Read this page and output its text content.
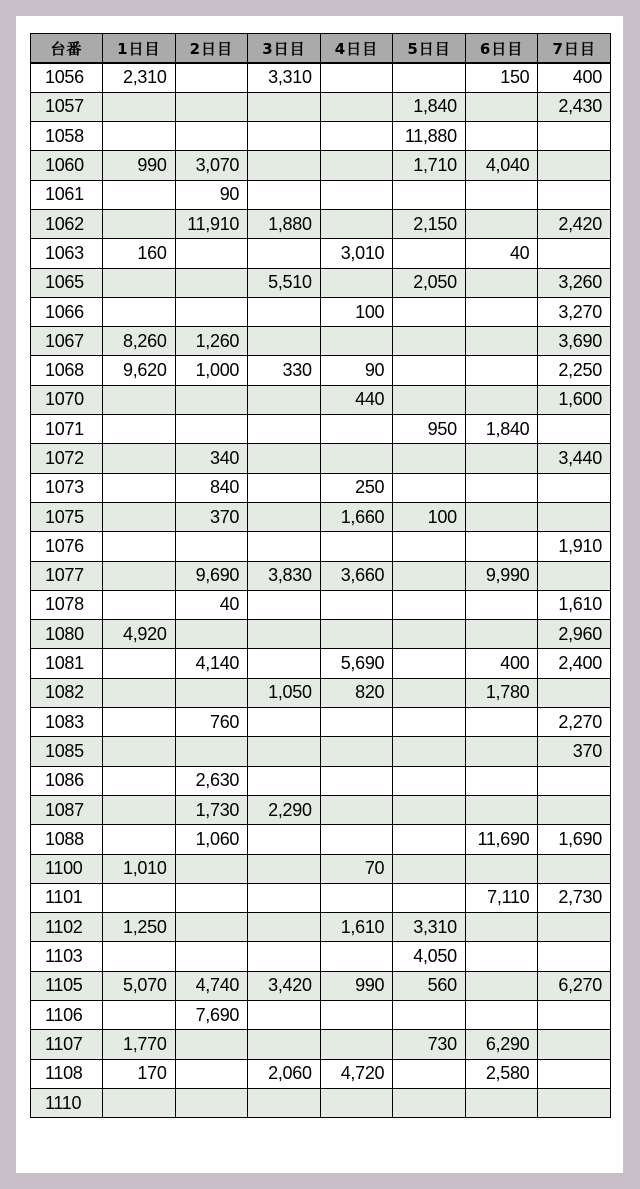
台番	1日目	2日目	3日目	4日目	5日目	6日目	7日目
1056	2,310		3,310			150	400
1057					1,840		2,430
1058					11,880		
1060	990	3,070			1,710	4,040	
1061		90					
1062		11,910	1,880		2,150		2,420
1063	160			3,010		40	
1065			5,510		2,050		3,260
1066				100			3,270
1067	8,260	1,260					3,690
1068	9,620	1,000	330	90			2,250
1070				440			1,600
1071					950	1,840	
1072		340					3,440
1073		840		250			
1075		370		1,660	100		
1076							1,910
1077		9,690	3,830	3,660		9,990	
1078		40					1,610
1080	4,920						2,960
1081		4,140		5,690		400	2,400
1082			1,050	820		1,780	
1083		760					2,270
1085							370
1086		2,630					
1087		1,730	2,290				
1088		1,060				11,690	1,690
1100	1,010			70			
1101						7,110	2,730
1102	1,250			1,610	3,310		
1103					4,050		
1105	5,070	4,740	3,420	990	560		6,270
1106		7,690					
1107	1,770				730	6,290	
1108	170		2,060	4,720		2,580	
1110							
